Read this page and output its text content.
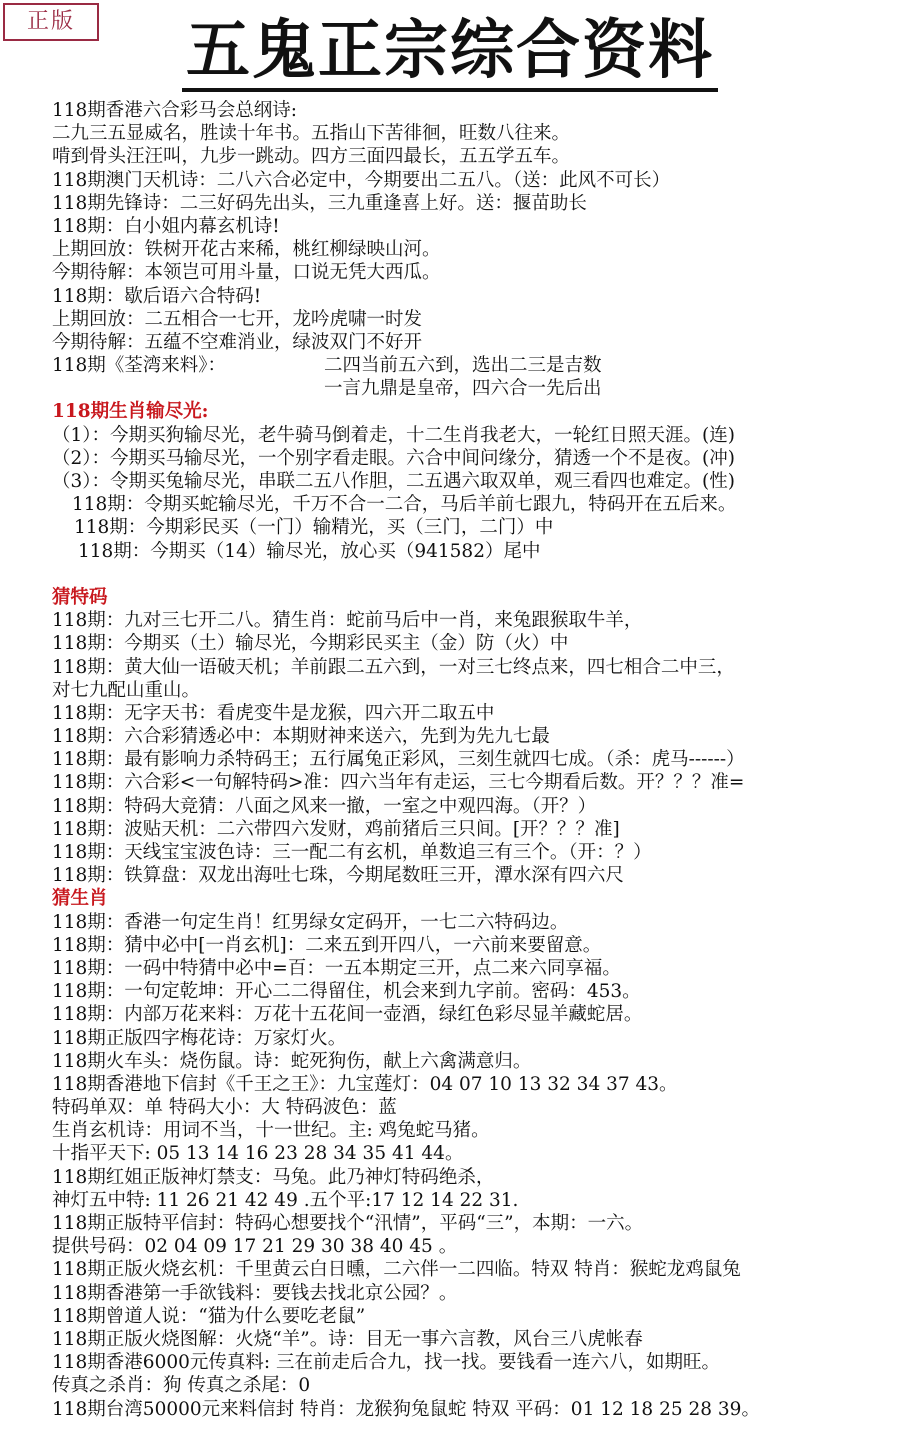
正版	五鬼正宗综合资料
118期香港六合彩马会总纲诗:
二九三五显威名，胜读十年书。五指山下苦徘徊，旺数八往来。
啃到骨头汪汪叫，九步一跳动。四方三面四最长，五五学五车。
118期澳门天机诗：二八六合必定中，今期要出二五八。（送：此风不可长）
118期先锋诗：二三好码先出头，三九重逢喜上好。送：揠苗助长
118期：白小姐内幕玄机诗!
上期回放：铁树开花古来稀，桃红柳绿映山河。
今期待解：本领岂可用斗量，口说无凭大西瓜。
118期：歇后语六合特码!
上期回放：二五相合一七开，龙吟虎啸一时发
今期待解：五蕴不空难消业，绿波双门不好开
118期《荃湾来料》：	二四当前五六到，选出二三是吉数
一言九鼎是皇帝，四六合一先后出
118期生肖输尽光:
（1）：今期买狗输尽光，老牛骑马倒着走，十二生肖我老大，一轮红日照天涯。(连)
（2）：今期买马输尽光，一个别字看走眼。六合中间问缘分，猜透一个不是夜。(冲)
（3）：令期买兔输尽光，串联二五八作胆，二五遇六取双单，观三看四也难定。(性)
118期：令期买蛇输尽光，千万不合一二合，马后羊前七跟九，特码开在五后来。
118期：今期彩民买（一门）输精光，买（三门，二门）中
118期：今期买（14）输尽光，放心买（941582）尾中
猜特码
118期：九对三七开二八。猜生肖：蛇前马后中一肖，来兔跟猴取牛羊，
118期：今期买（土）输尽光，今期彩民买主（金）防（火）中
118期：黄大仙一语破天机；羊前跟二五六到，一对三七终点来，四七相合二中三，
对七九配山重山。
118期：无字天书：看虎变牛是龙猴，四六开二取五中
118期：六合彩猜透必中：本期财神来送六，先到为先九七最
118期：最有影响力杀特码王；五行属兔正彩风，三刻生就四七成。（杀：虎马------）
118期：六合彩<一句解特码>准：四六当年有走运，三七今期看后数。开？？？准=
118期：特码大竞猜：八面之风来一撤，一室之中观四海。（开？）
118期：波贴天机：二六带四六发财，鸡前猪后三只间。[开？？？准]
118期：天线宝宝波色诗：三一配二有玄机，单数追三有三个。（开：？）
118期：铁算盘：双龙出海吐七珠，今期尾数旺三开，潭水深有四六尺
猜生肖
118期：香港一句定生肖！红男绿女定码开，一七二六特码边。
118期：猜中必中[一肖玄机]：二来五到开四八，一六前来要留意。
118期：一码中特猜中必中=百：一五本期定三开，点二来六同享福。
118期：一句定乾坤：开心二二得留住，机会来到九字前。密码：453。
118期：内部万花来料：万花十五花间一壶酒，绿红色彩尽显羊藏蛇居。
118期正版四字梅花诗：万家灯火。
118期火车头：烧伤鼠。诗：蛇死狗伤，献上六禽满意归。
118期香港地下信封《千王之王》：九宝莲灯：04 07 10 13 32 34 37 43。
特码单双：单 特码大小：大 特码波色：蓝
生肖玄机诗：用词不当，十一世纪。主: 鸡兔蛇马猪。
十指平天下: 05 13 14 16 23 28 34 35 41 44。
118期红姐正版神灯禁支：马兔。此乃神灯特码绝杀，
神灯五中特: 11 26 21 42 49 .五个平:17 12 14 22 31.
118期正版特平信封：特码心想要找个“汛情”，平码“三”，本期：一六。
提供号码：02 04 09 17 21 29 30 38 40 45 。
118期正版火烧玄机：千里黄云白日曛，二六伴一二四临。特双 特肖：猴蛇龙鸡鼠兔
118期香港第一手欲钱料：要钱去找北京公园？。
118期曾道人说：“猫为什么要吃老鼠”
118期正版火烧图解：火烧“羊”。诗：目无一事六言教，风台三八虎帐春
118期香港6000元传真料: 三在前走后合九，找一找。要钱看一连六八，如期旺。
传真之杀肖：狗 传真之杀尾：0
118期台湾50000元来料信封 特肖：龙猴狗兔鼠蛇 特双 平码：01 12 18 25 28 39。
